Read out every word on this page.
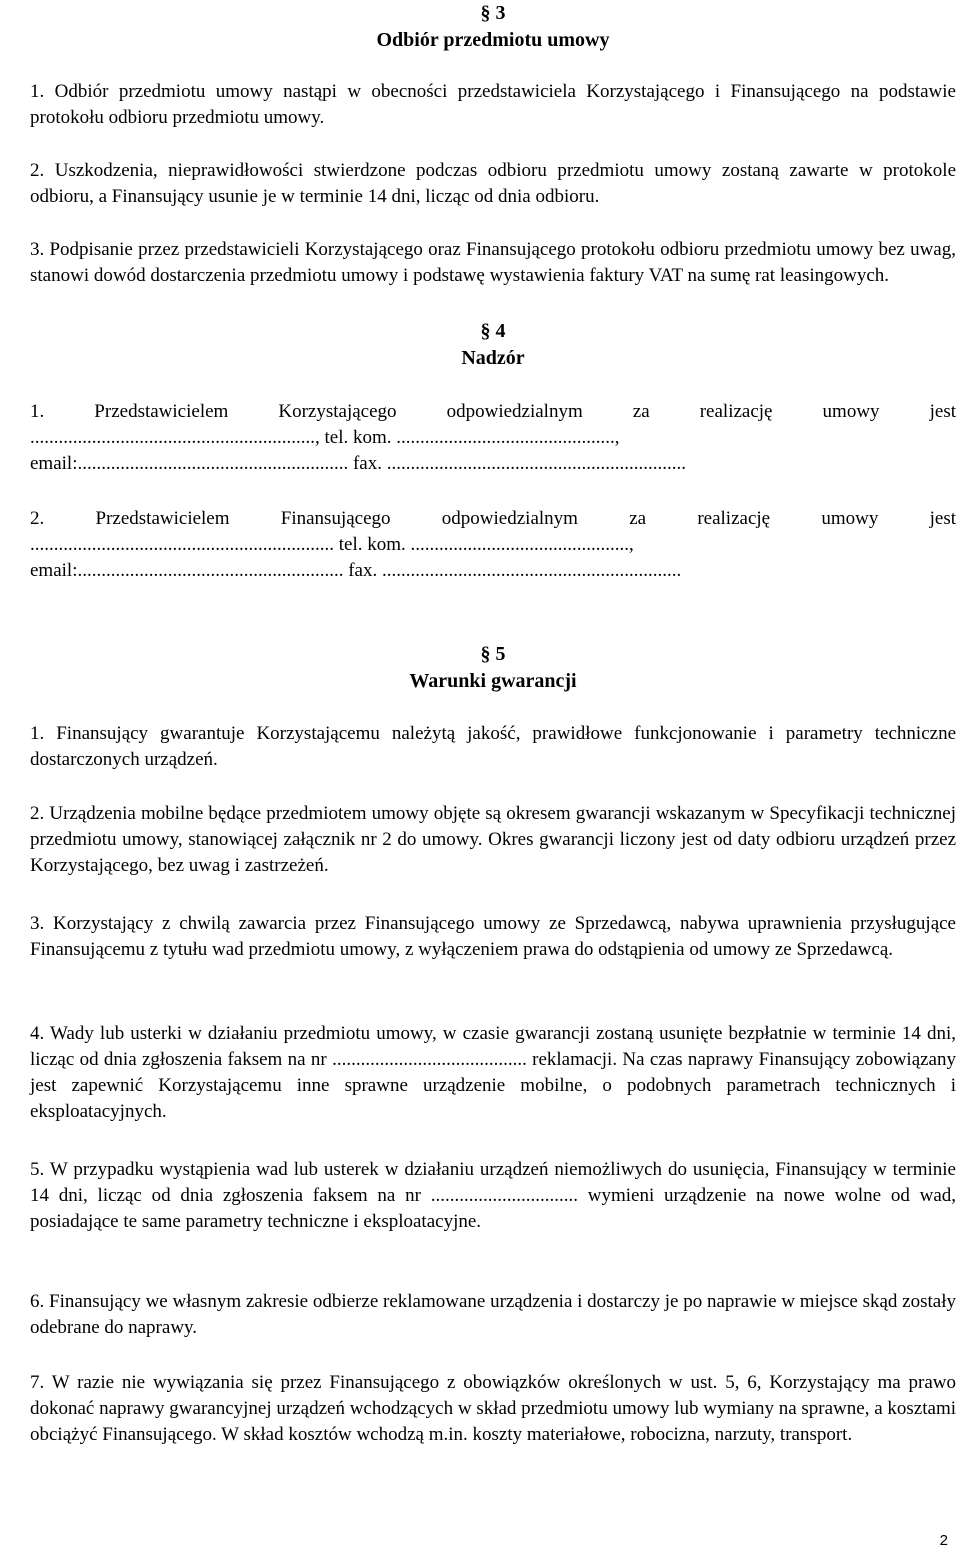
§ 3
Odbiór przedmiotu umowy
1. Odbiór przedmiotu umowy nastąpi w obecności przedstawiciela Korzystającego i Finansującego na podstawie protokołu odbioru przedmiotu umowy.
2. Uszkodzenia, nieprawidłowości stwierdzone podczas odbioru przedmiotu umowy zostaną zawarte w protokole odbioru, a Finansujący usunie je w terminie 14 dni, licząc od dnia odbioru.
3. Podpisanie przez przedstawicieli Korzystającego oraz Finansującego protokołu odbioru przedmiotu umowy bez uwag, stanowi dowód dostarczenia przedmiotu umowy i podstawę wystawienia faktury VAT na sumę rat leasingowych.
§ 4
Nadzór
1. Przedstawicielem Korzystającego odpowiedzialnym za realizację umowy jest
............................................................, tel. kom. ..............................................,
email:......................................................... fax. ...............................................................
2. Przedstawicielem Finansującego odpowiedzialnym za realizację umowy jest
................................................................ tel. kom. ..............................................,
email:........................................................ fax. ...............................................................
§ 5
Warunki gwarancji
1. Finansujący gwarantuje Korzystającemu należytą jakość, prawidłowe funkcjonowanie i parametry techniczne dostarczonych urządzeń.
2. Urządzenia mobilne będące przedmiotem umowy objęte są okresem gwarancji wskazanym w Specyfikacji technicznej przedmiotu umowy, stanowiącej załącznik nr 2 do umowy. Okres gwarancji liczony jest od daty odbioru urządzeń przez Korzystającego, bez uwag i zastrzeżeń.
3. Korzystający z chwilą zawarcia przez Finansującego umowy ze Sprzedawcą, nabywa uprawnienia przysługujące Finansującemu z tytułu wad przedmiotu umowy, z wyłączeniem prawa do odstąpienia od umowy ze Sprzedawcą.
4. Wady lub usterki w działaniu przedmiotu umowy, w czasie gwarancji zostaną usunięte bezpłatnie w terminie 14 dni, licząc od dnia zgłoszenia faksem na nr ......................................... reklamacji. Na czas naprawy Finansujący zobowiązany jest zapewnić Korzystającemu inne sprawne urządzenie mobilne, o podobnych parametrach technicznych i eksploatacyjnych.
5. W przypadku wystąpienia wad lub usterek w działaniu urządzeń niemożliwych do usunięcia, Finansujący w terminie 14 dni, licząc od dnia zgłoszenia faksem na nr ............................... wymieni urządzenie na nowe wolne od wad, posiadające te same parametry techniczne i eksploatacyjne.
6. Finansujący we własnym zakresie odbierze reklamowane urządzenia i dostarczy je po naprawie w miejsce skąd zostały odebrane do naprawy.
7. W razie nie wywiązania się przez Finansującego z obowiązków określonych w ust. 5, 6, Korzystający ma prawo dokonać naprawy gwarancyjnej urządzeń wchodzących w skład przedmiotu umowy lub wymiany na sprawne, a kosztami obciążyć Finansującego. W skład kosztów wchodzą m.in. koszty materiałowe, robocizna, narzuty, transport.
2
